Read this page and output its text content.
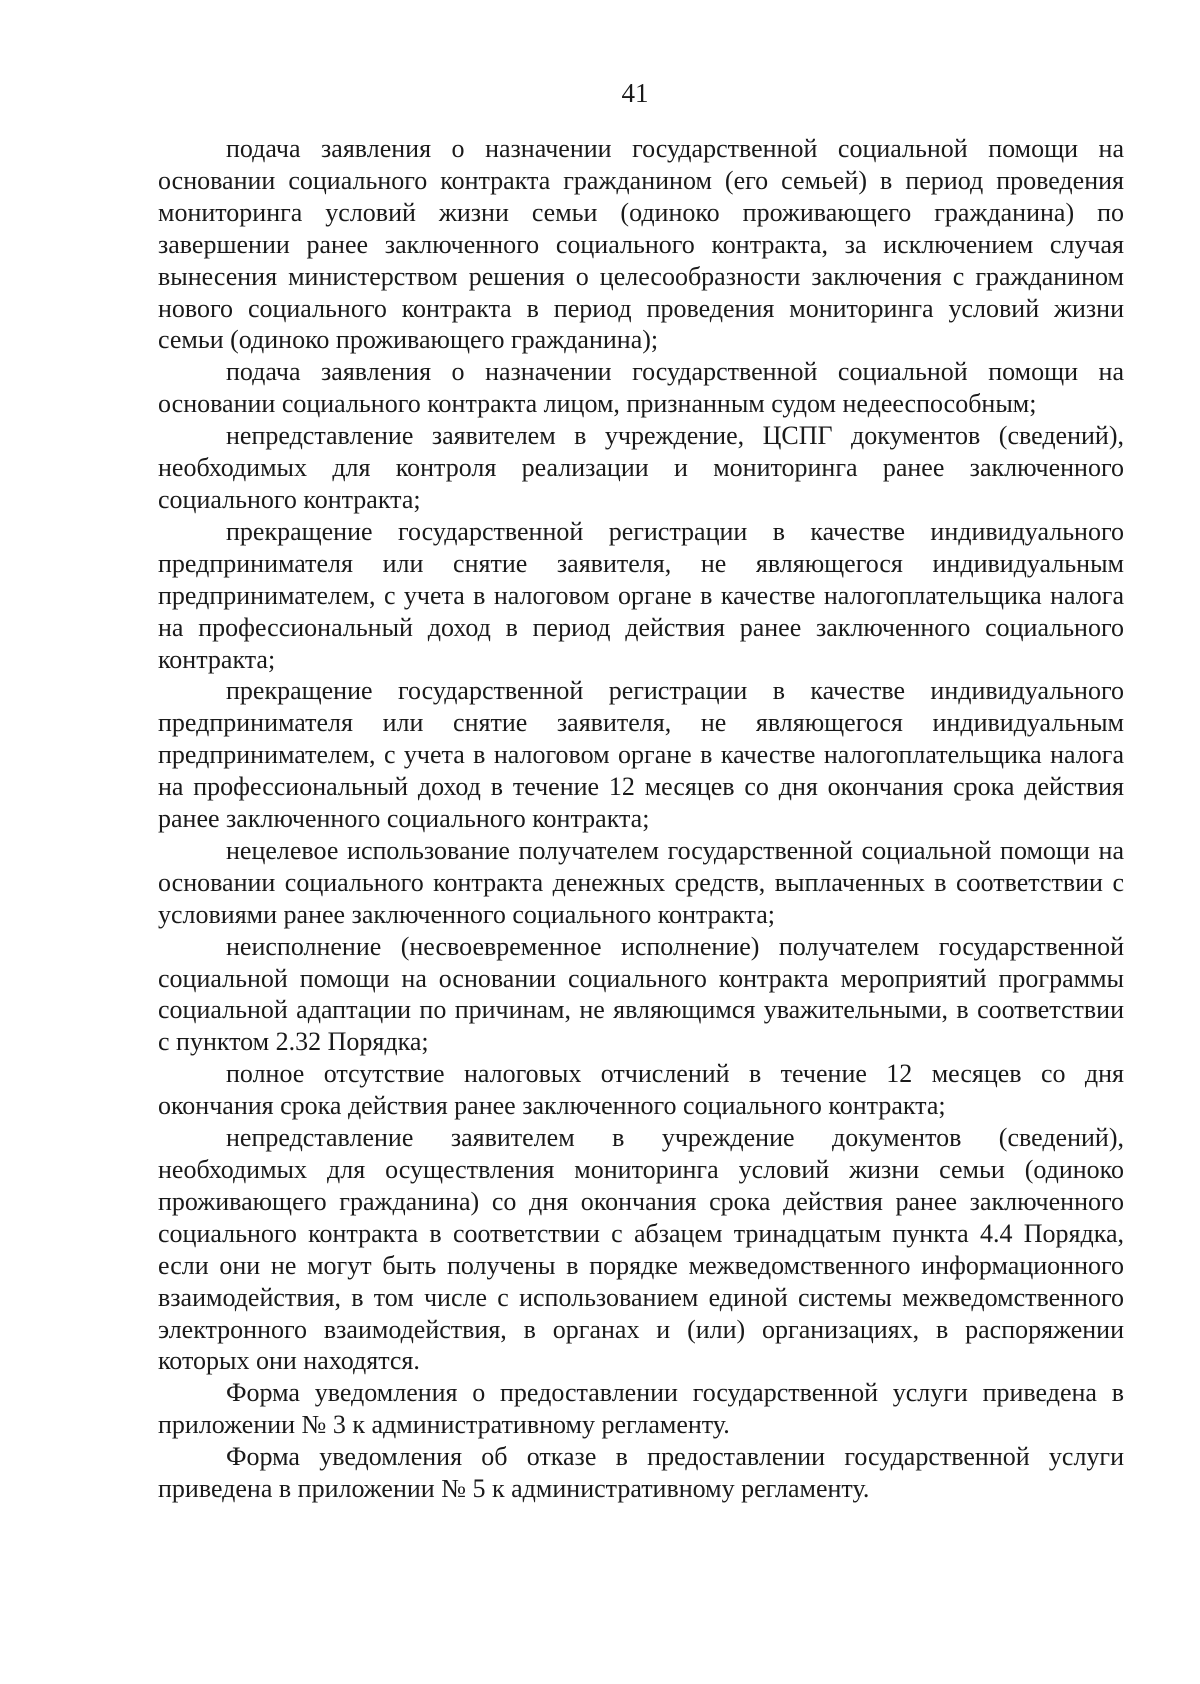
41

подача заявления о назначении государственной социальной помощи на основании социального контракта гражданином (его семьей) в период проведения мониторинга условий жизни семьи (одиноко проживающего гражданина) по завершении ранее заключенного социального контракта, за исключением случая вынесения министерством решения о целесообразности заключения с гражданином нового социального контракта в период проведения мониторинга условий жизни семьи (одиноко проживающего гражданина);

подача заявления о назначении государственной социальной помощи на основании социального контракта лицом, признанным судом недееспособным;

непредставление заявителем в учреждение, ЦСПГ документов (сведений), необходимых для контроля реализации и мониторинга ранее заключенного социального контракта;

прекращение государственной регистрации в качестве индивидуального предпринимателя или снятие заявителя, не являющегося индивидуальным предпринимателем, с учета в налоговом органе в качестве налогоплательщика налога на профессиональный доход в период действия ранее заключенного социального контракта;

прекращение государственной регистрации в качестве индивидуального предпринимателя или снятие заявителя, не являющегося индивидуальным предпринимателем, с учета в налоговом органе в качестве налогоплательщика налога на профессиональный доход в течение 12 месяцев со дня окончания срока действия ранее заключенного социального контракта;

нецелевое использование получателем государственной социальной помощи на основании социального контракта денежных средств, выплаченных в соответствии с условиями ранее заключенного социального контракта;

неисполнение (несвоевременное исполнение) получателем государственной социальной помощи на основании социального контракта мероприятий программы социальной адаптации по причинам, не являющимся уважительными, в соответствии с пунктом 2.32 Порядка;

полное отсутствие налоговых отчислений в течение 12 месяцев со дня окончания срока действия ранее заключенного социального контракта;

непредставление заявителем в учреждение документов (сведений), необходимых для осуществления мониторинга условий жизни семьи (одиноко проживающего гражданина) со дня окончания срока действия ранее заключенного социального контракта в соответствии с абзацем тринадцатым пункта 4.4 Порядка, если они не могут быть получены в порядке межведомственного информационного взаимодействия, в том числе с использованием единой системы межведомственного электронного взаимодействия, в органах и (или) организациях, в распоряжении которых они находятся.

Форма уведомления о предоставлении государственной услуги приведена в приложении № 3 к административному регламенту.

Форма уведомления об отказе в предоставлении государственной услуги приведена в приложении № 5 к административному регламенту.
